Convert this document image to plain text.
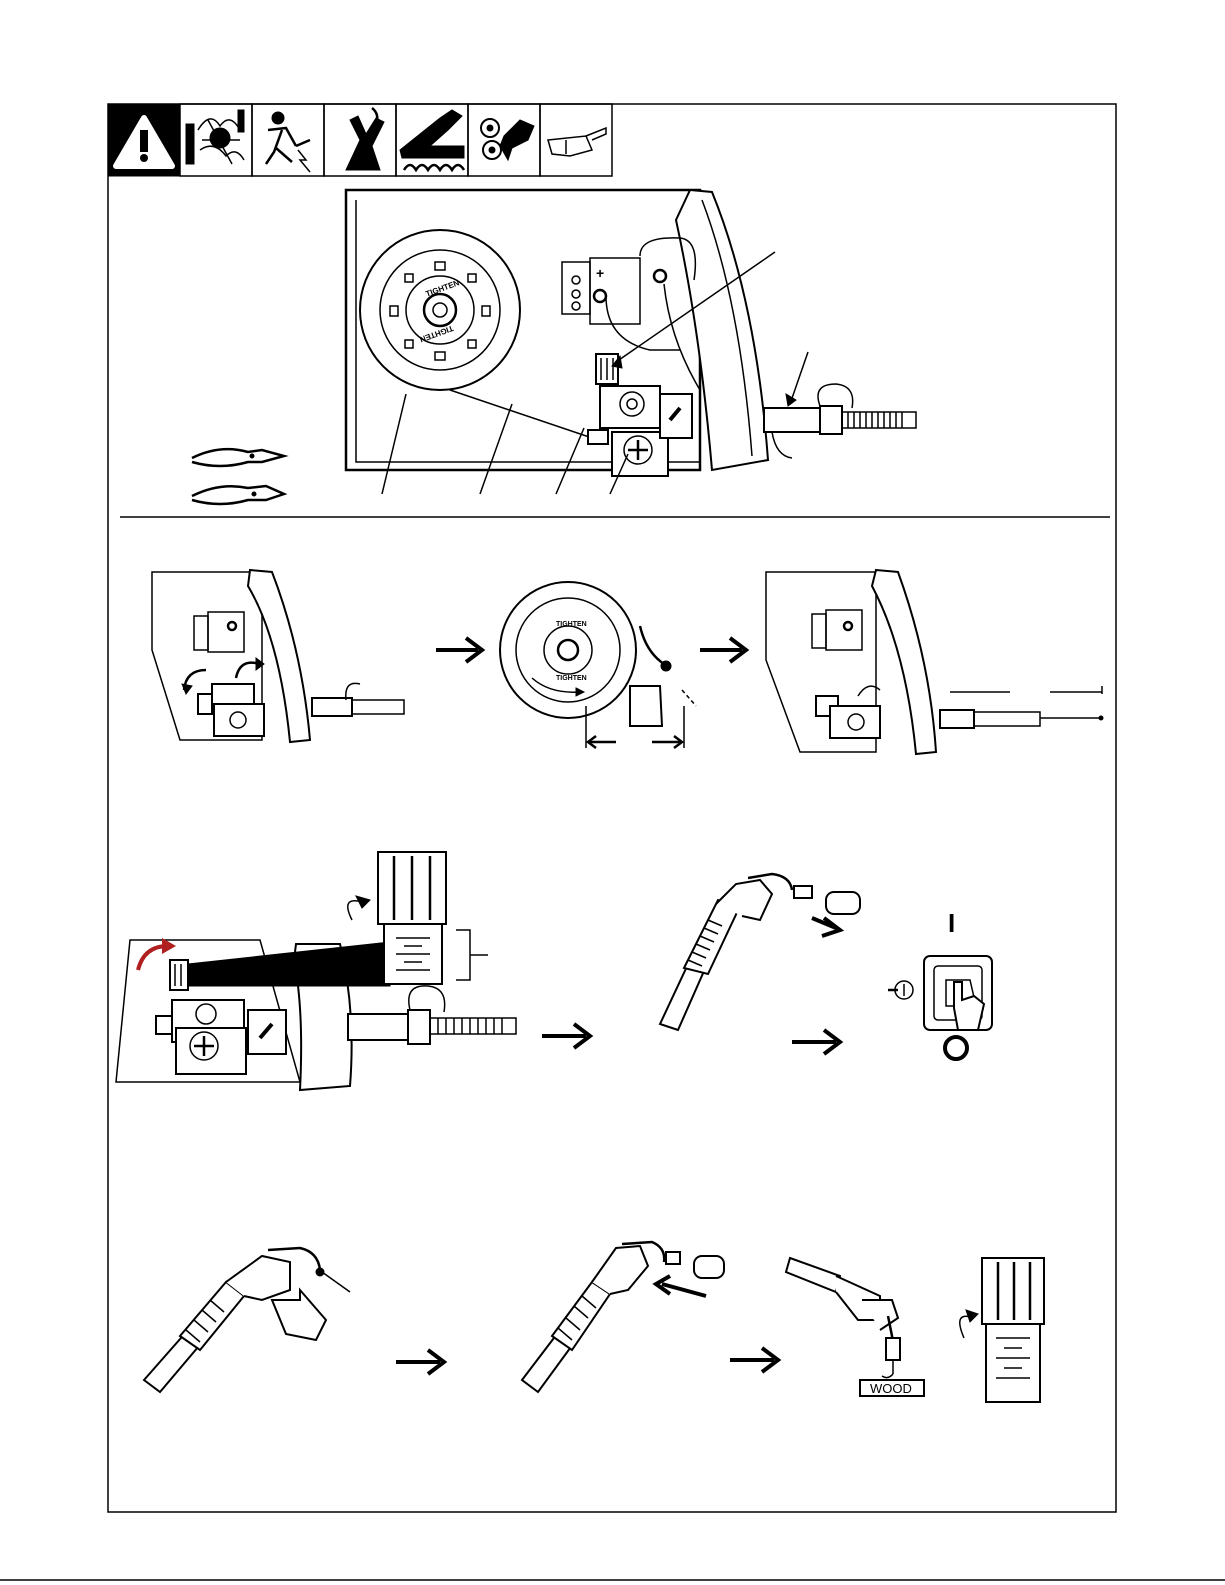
TIGHTEN
TIGHTEN
+
TIGHTEN
TIGHTEN
I
O
WOOD
